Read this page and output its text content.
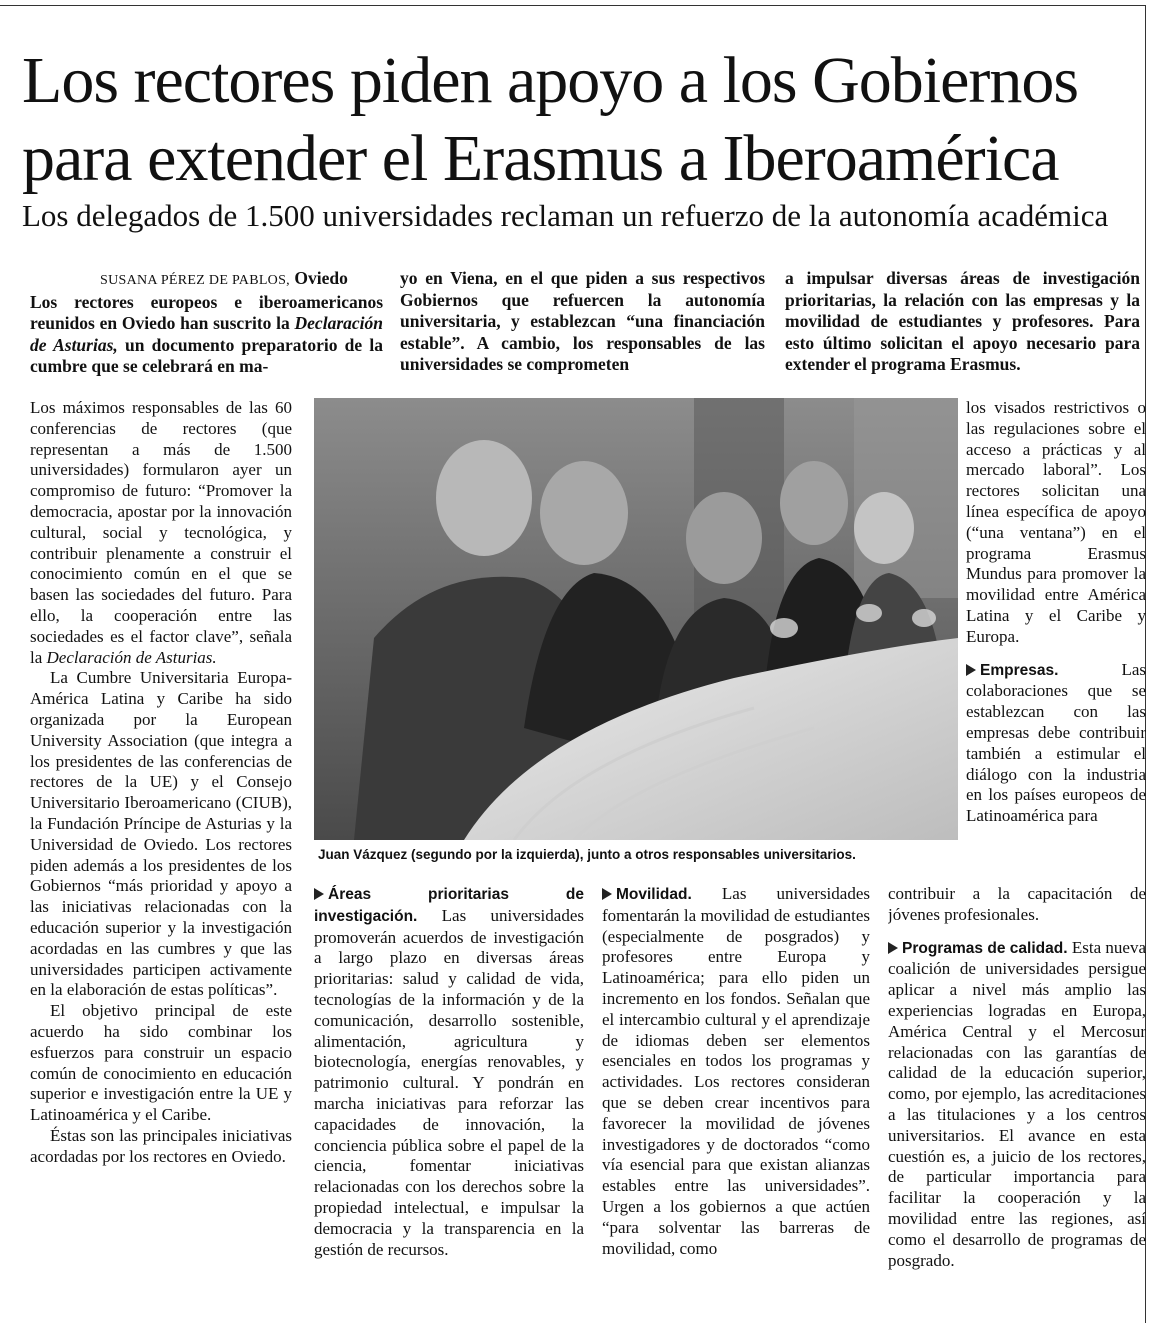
Los rectores piden apoyo a los Gobiernos
para extender el Erasmus a Iberoamérica
Los delegados de 1.500 universidades reclaman un refuerzo de la autonomía académica
SUSANA PÉREZ DE PABLOS, Oviedo
Los rectores europeos e iberoamericanos reunidos en Oviedo han suscrito la Declaración de Asturias, un documento preparatorio de la cumbre que se celebrará en ma-
yo en Viena, en el que piden a sus respectivos Gobiernos que refuercen la autonomía universitaria, y establezcan “una financiación estable”. A cambio, los responsables de las universidades se comprometen
a impulsar diversas áreas de investigación prioritarias, la relación con las empresas y la movilidad de estudiantes y profesores. Para esto último solicitan el apoyo necesario para extender el programa Erasmus.

Los máximos responsables de las 60 conferencias de rectores (que representan a más de 1.500 universidades) formularon ayer un compromiso de futuro: “Promover la democracia, apostar por la innovación cultural, social y tecnológica, y contribuir plenamente a construir el conocimiento común en el que se basen las sociedades del futuro. Para ello, la cooperación entre las sociedades es el factor clave”, señala la Declaración de Asturias.

La Cumbre Universitaria Europa-América Latina y Caribe ha sido organizada por la European University Association (que integra a los presidentes de las conferencias de rectores de la UE) y el Consejo Universitario Iberoamericano (CIUB), la Fundación Príncipe de Asturias y la Universidad de Oviedo. Los rectores piden además a los presidentes de los Gobiernos “más prioridad y apoyo a las iniciativas relacionadas con la educación superior y la investigación acordadas en las cumbres y que las universidades participen activamente en la elaboración de estas políticas”.

El objetivo principal de este acuerdo ha sido combinar los esfuerzos para construir un espacio común de conocimiento en educación superior e investigación entre la UE y Latinoamérica y el Caribe.

Éstas son las principales iniciativas acordadas por los rectores en Oviedo.

Juan Vázquez (segundo por la izquierda), junto a otros responsables universitarios.

los visados restrictivos o las regulaciones sobre el acceso a prácticas y al mercado laboral”. Los rectores solicitan una línea específica de apoyo (“una ventana”) en el programa Erasmus Mundus para promover la movilidad entre América Latina y el Caribe y Europa.

Empresas. Las colaboraciones que se establezcan con las empresas debe contribuir también a estimular el diálogo con la industria en los países europeos de Latinoamérica para

Áreas prioritarias de investigación. Las universidades promoverán acuerdos de investigación a largo plazo en diversas áreas prioritarias: salud y calidad de vida, tecnologías de la información y de la comunicación, desarrollo sostenible, alimentación, agricultura y biotecnología, energías renovables, y patrimonio cultural. Y pondrán en marcha iniciativas para reforzar las capacidades de innovación, la conciencia pública sobre el papel de la ciencia, fomentar iniciativas relacionadas con los derechos sobre la propiedad intelectual, e impulsar la democracia y la transparencia en la gestión de recursos.

Movilidad. Las universidades fomentarán la movilidad de estudiantes (especialmente de posgrados) y profesores entre Europa y Latinoamérica; para ello piden un incremento en los fondos. Señalan que el intercambio cultural y el aprendizaje de idiomas deben ser elementos esenciales en todos los programas y actividades. Los rectores consideran que se deben crear incentivos para favorecer la movilidad de jóvenes investigadores y de doctorados “como vía esencial para que existan alianzas estables entre las universidades”. Urgen a los gobiernos a que actúen “para solventar las barreras de movilidad, como

contribuir a la capacitación de jóvenes profesionales.

Programas de calidad. Esta nueva coalición de universidades persigue aplicar a nivel más amplio las experiencias logradas en Europa, América Central y el Mercosur relacionadas con las garantías de calidad de la educación superior, como, por ejemplo, las acreditaciones a las titulaciones y a los centros universitarios. El avance en esta cuestión es, a juicio de los rectores, de particular importancia para facilitar la cooperación y la movilidad entre las regiones, así como el desarrollo de programas de posgrado.
